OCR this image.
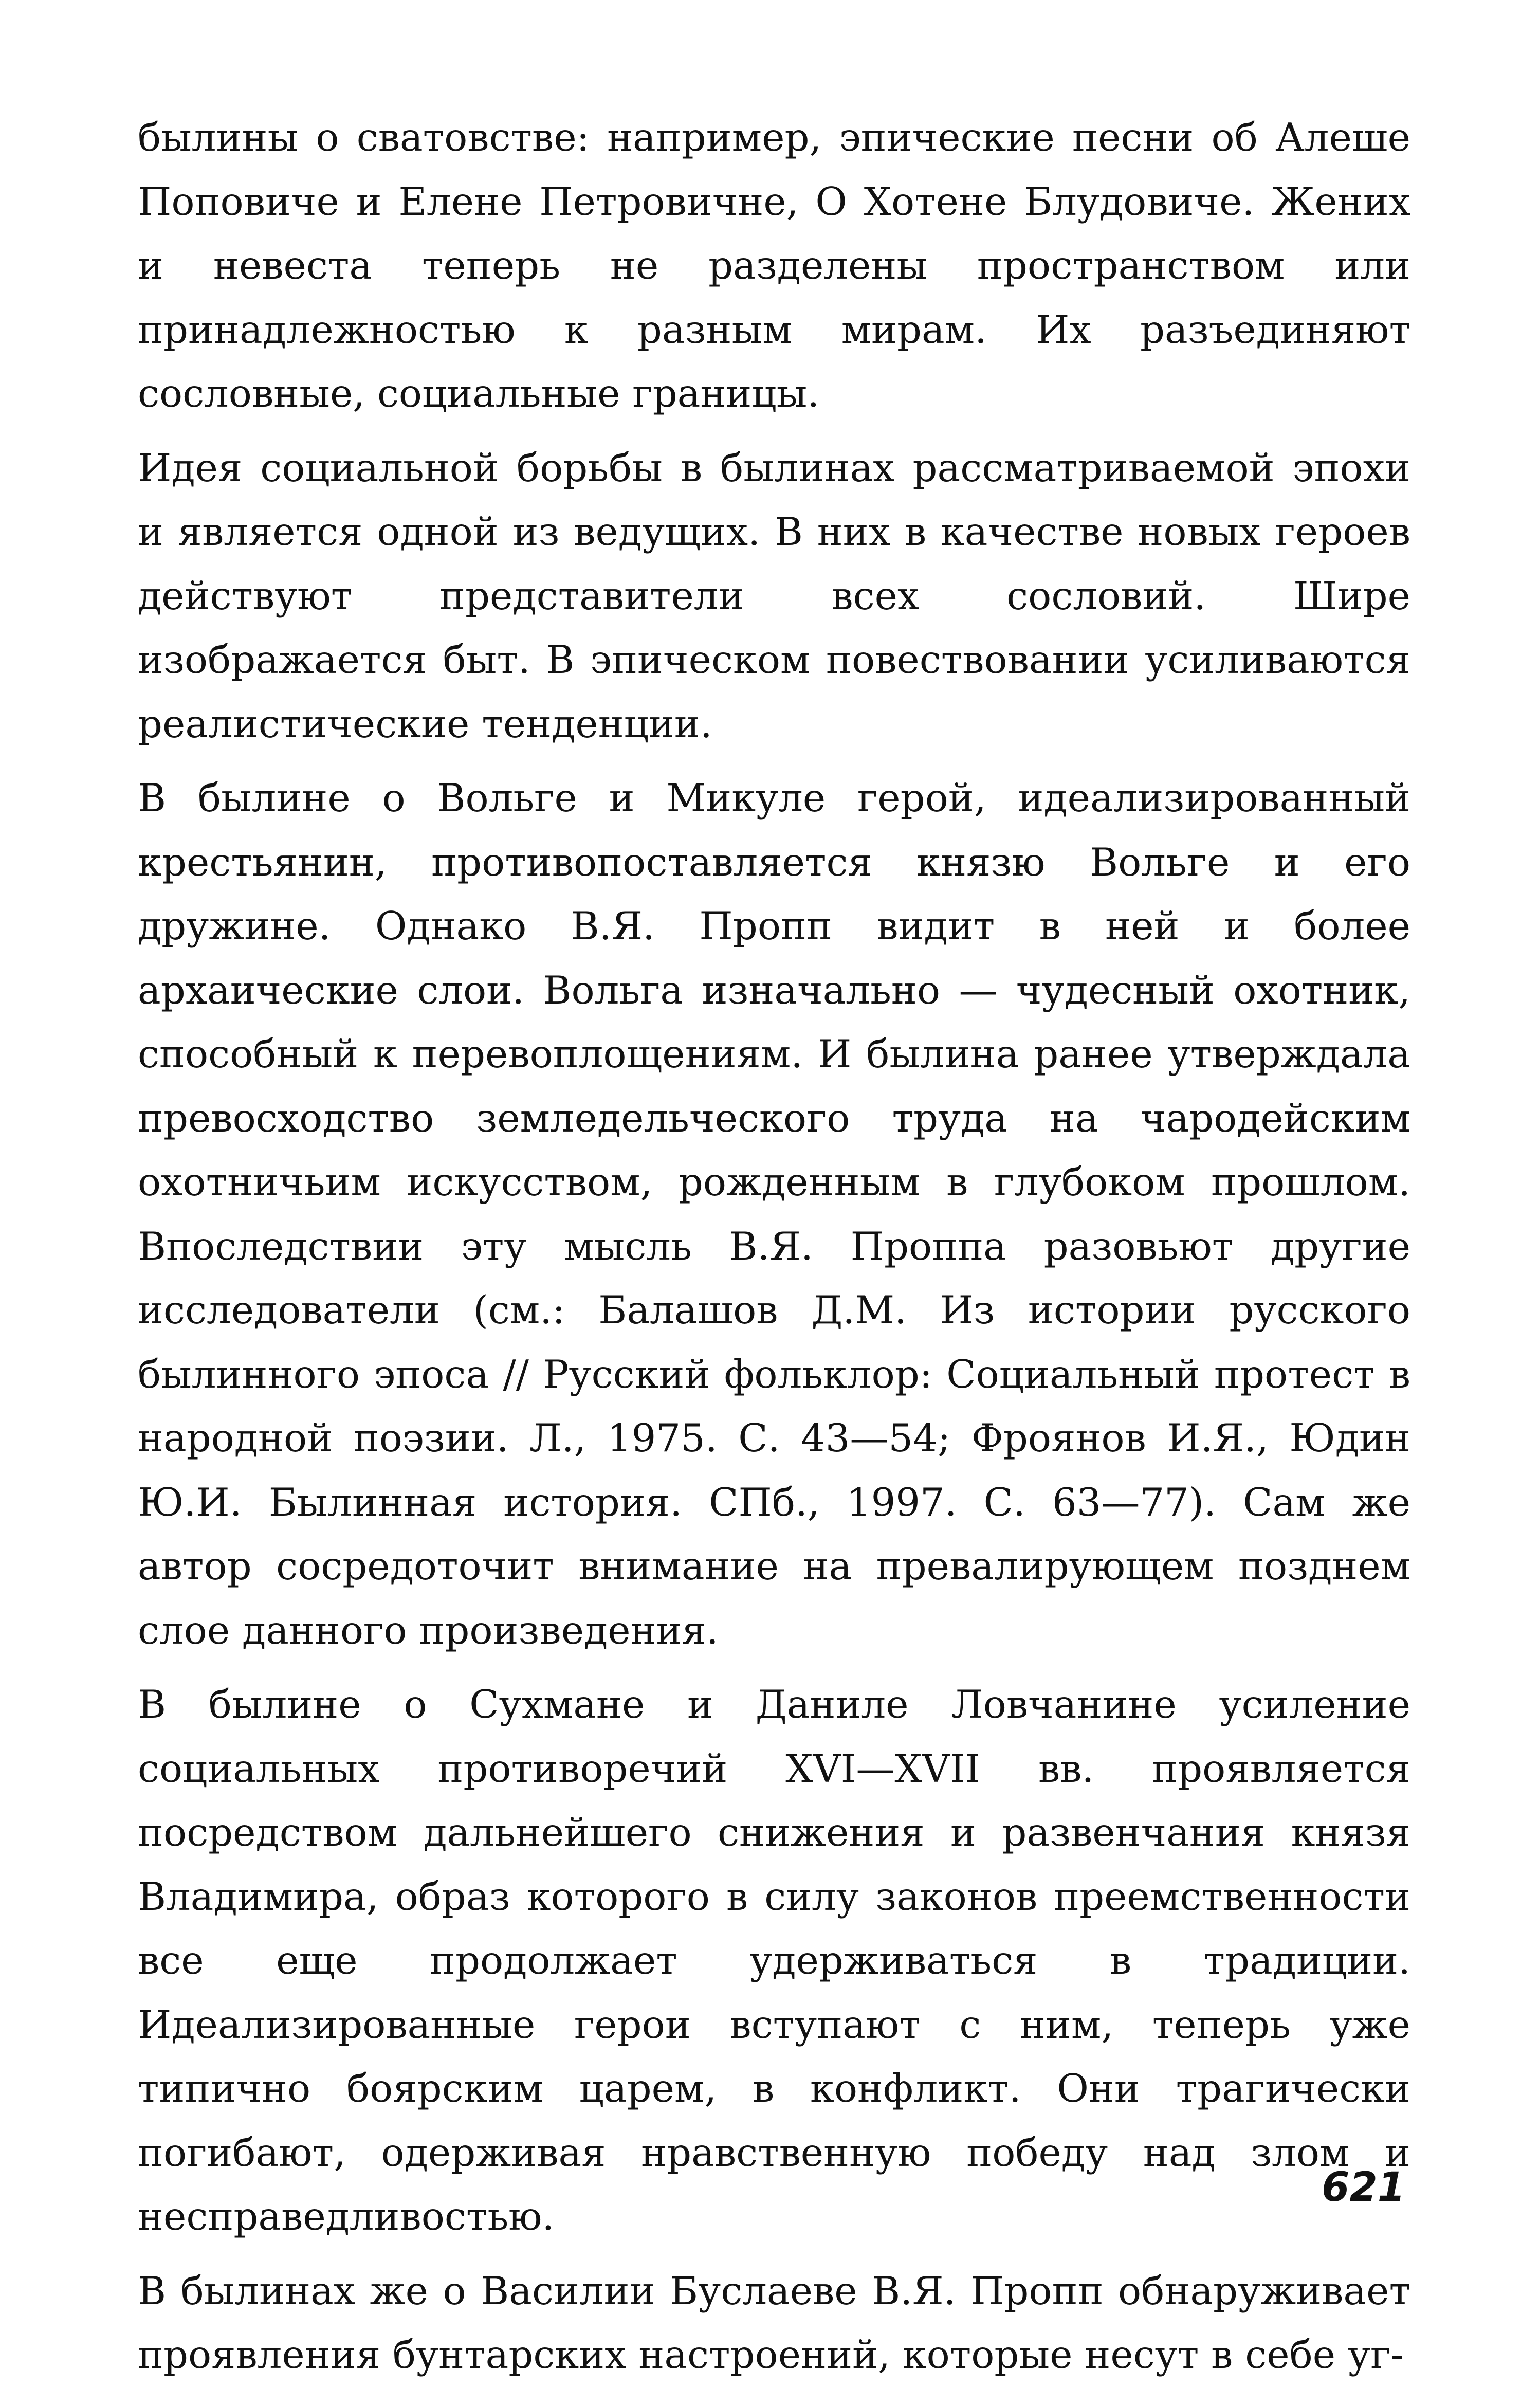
былины о сватовстве: например, эпические песни об Алеше Поповиче и Елене Петровичне, О Хотене Блудовиче. Жених и невеста теперь не разделены пространством или принадлежностью к разным мирам. Их разъединяют сословные, социальные границы.

Идея социальной борьбы в былинах рассматриваемой эпохи и является одной из ведущих. В них в качестве новых героев действуют представители всех сословий. Шире изображается быт. В эпическом повествовании усиливаются реалистические тенденции.

В былине о Вольге и Микуле герой, идеализированный крестьянин, противопоставляется князю Вольге и его дружине. Однако В.Я. Пропп видит в ней и более архаические слои. Вольга изначально — чудесный охотник, способный к перевоплощениям. И былина ранее утверждала превосходство земледельческого труда на чародейским охотничьим искусством, рожденным в глубоком прошлом. Впоследствии эту мысль В.Я. Проппа разовьют другие исследователи (см.: Балашов Д.М. Из истории русского былинного эпоса // Русский фольклор: Социальный протест в народной поэзии. Л., 1975. С. 43—54; Фроянов И.Я., Юдин Ю.И. Былинная история. СПб., 1997. С. 63—77). Сам же автор сосредоточит внимание на превалирующем позднем слое данного произведения.

В былине о Сухмане и Даниле Ловчанине усиление социальных противоречий XVI—XVII вв. проявляется посредством дальнейшего снижения и развенчания князя Владимира, образ которого в силу законов преемственности все еще продолжает удерживаться в традиции. Идеализированные герои вступают с ним, теперь уже типично боярским царем, в конфликт. Они трагически погибают, одерживая нравственную победу над злом и несправедливостью.

В былинах же о Василии Буслаеве В.Я. Пропп обнаруживает проявления бунтарских настроений, которые несут в себе уг-

621
